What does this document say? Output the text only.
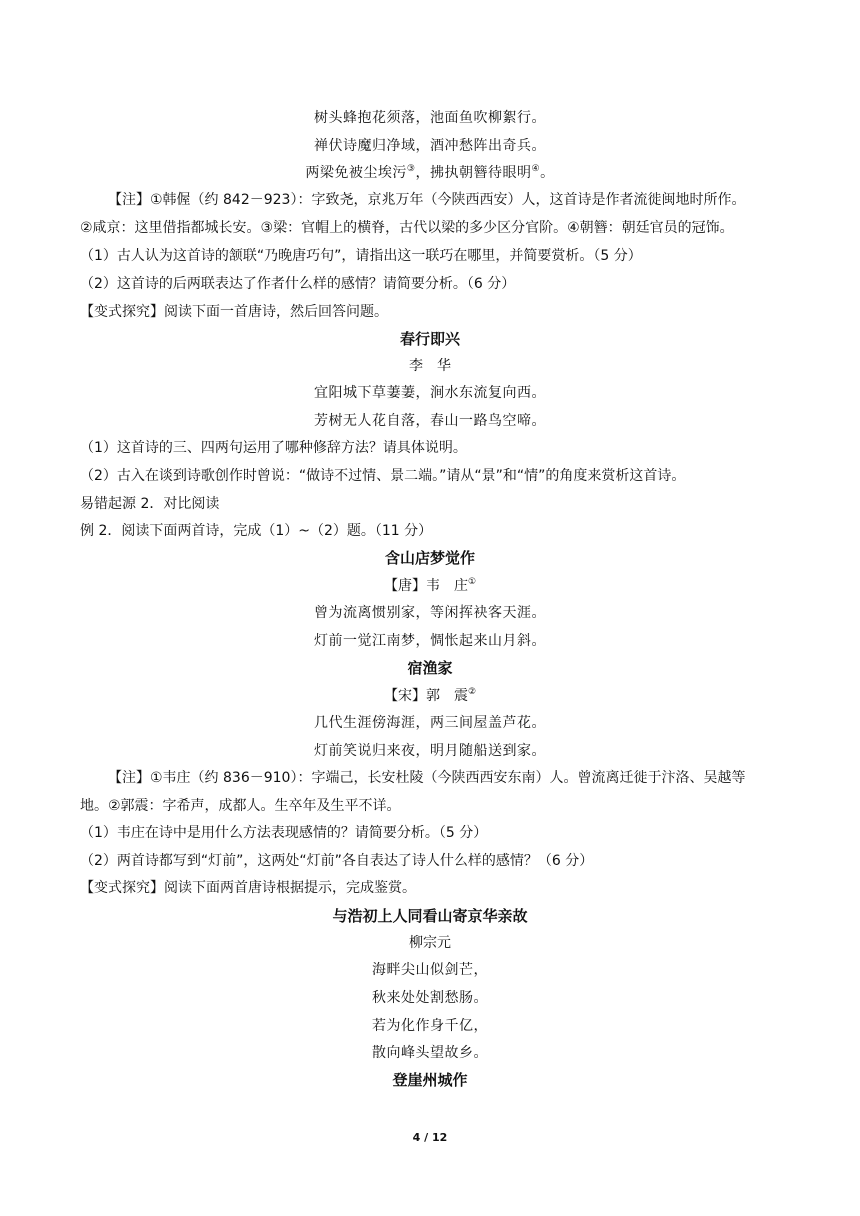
树头蜂抱花须落，池面鱼吹柳絮行。
禅伏诗魔归净域，酒冲愁阵出奇兵。
两梁免被尘埃污③，拂执朝簪待眼明④。
【注】①韩偓（约 842－923）：字致尧，京兆万年（今陕西西安）人，这首诗是作者流徙闽地时所作。
②咸京：这里借指都城长安。③梁：官帽上的横脊，古代以梁的多少区分官阶。④朝簪：朝廷官员的冠饰。
（1）古人认为这首诗的颔联“乃晚唐巧句”，请指出这一联巧在哪里，并简要赏析。（5 分）
（2）这首诗的后两联表达了作者什么样的感情？请简要分析。（6 分）
【变式探究】阅读下面一首唐诗，然后回答问题。
春行即兴
李　华
宜阳城下草萋萋，涧水东流复向西。
芳树无人花自落，春山一路鸟空啼。
（1）这首诗的三、四两句运用了哪种修辞方法？请具体说明。
（2）古入在谈到诗歌创作时曾说：“做诗不过情、景二端。”请从“景”和“情”的角度来赏析这首诗。
易错起源 2．对比阅读
例 2．阅读下面两首诗，完成（1）~（2）题。（11 分）
含山店梦觉作
【唐】韦　庄①
曾为流离惯别家，等闲挥袂客天涯。
灯前一觉江南梦，惆怅起来山月斜。
宿渔家
【宋】郭　震②
几代生涯傍海涯，两三间屋盖芦花。
灯前笑说归来夜，明月随船送到家。
【注】①韦庄（约 836－910）：字端己，长安杜陵（今陕西西安东南）人。曾流离迁徙于汴洛、吴越等
地。②郭震：字希声，成都人。生卒年及生平不详。
（1）韦庄在诗中是用什么方法表现感情的？请简要分析。（5 分）
（2）两首诗都写到“灯前”，这两处“灯前”各自表达了诗人什么样的感情？（6 分）
【变式探究】阅读下面两首唐诗根据提示，完成鉴赏。
与浩初上人同看山寄京华亲故
柳宗元
海畔尖山似剑芒，
秋来处处割愁肠。
若为化作身千亿，
散向峰头望故乡。
登崖州城作
4 / 12
